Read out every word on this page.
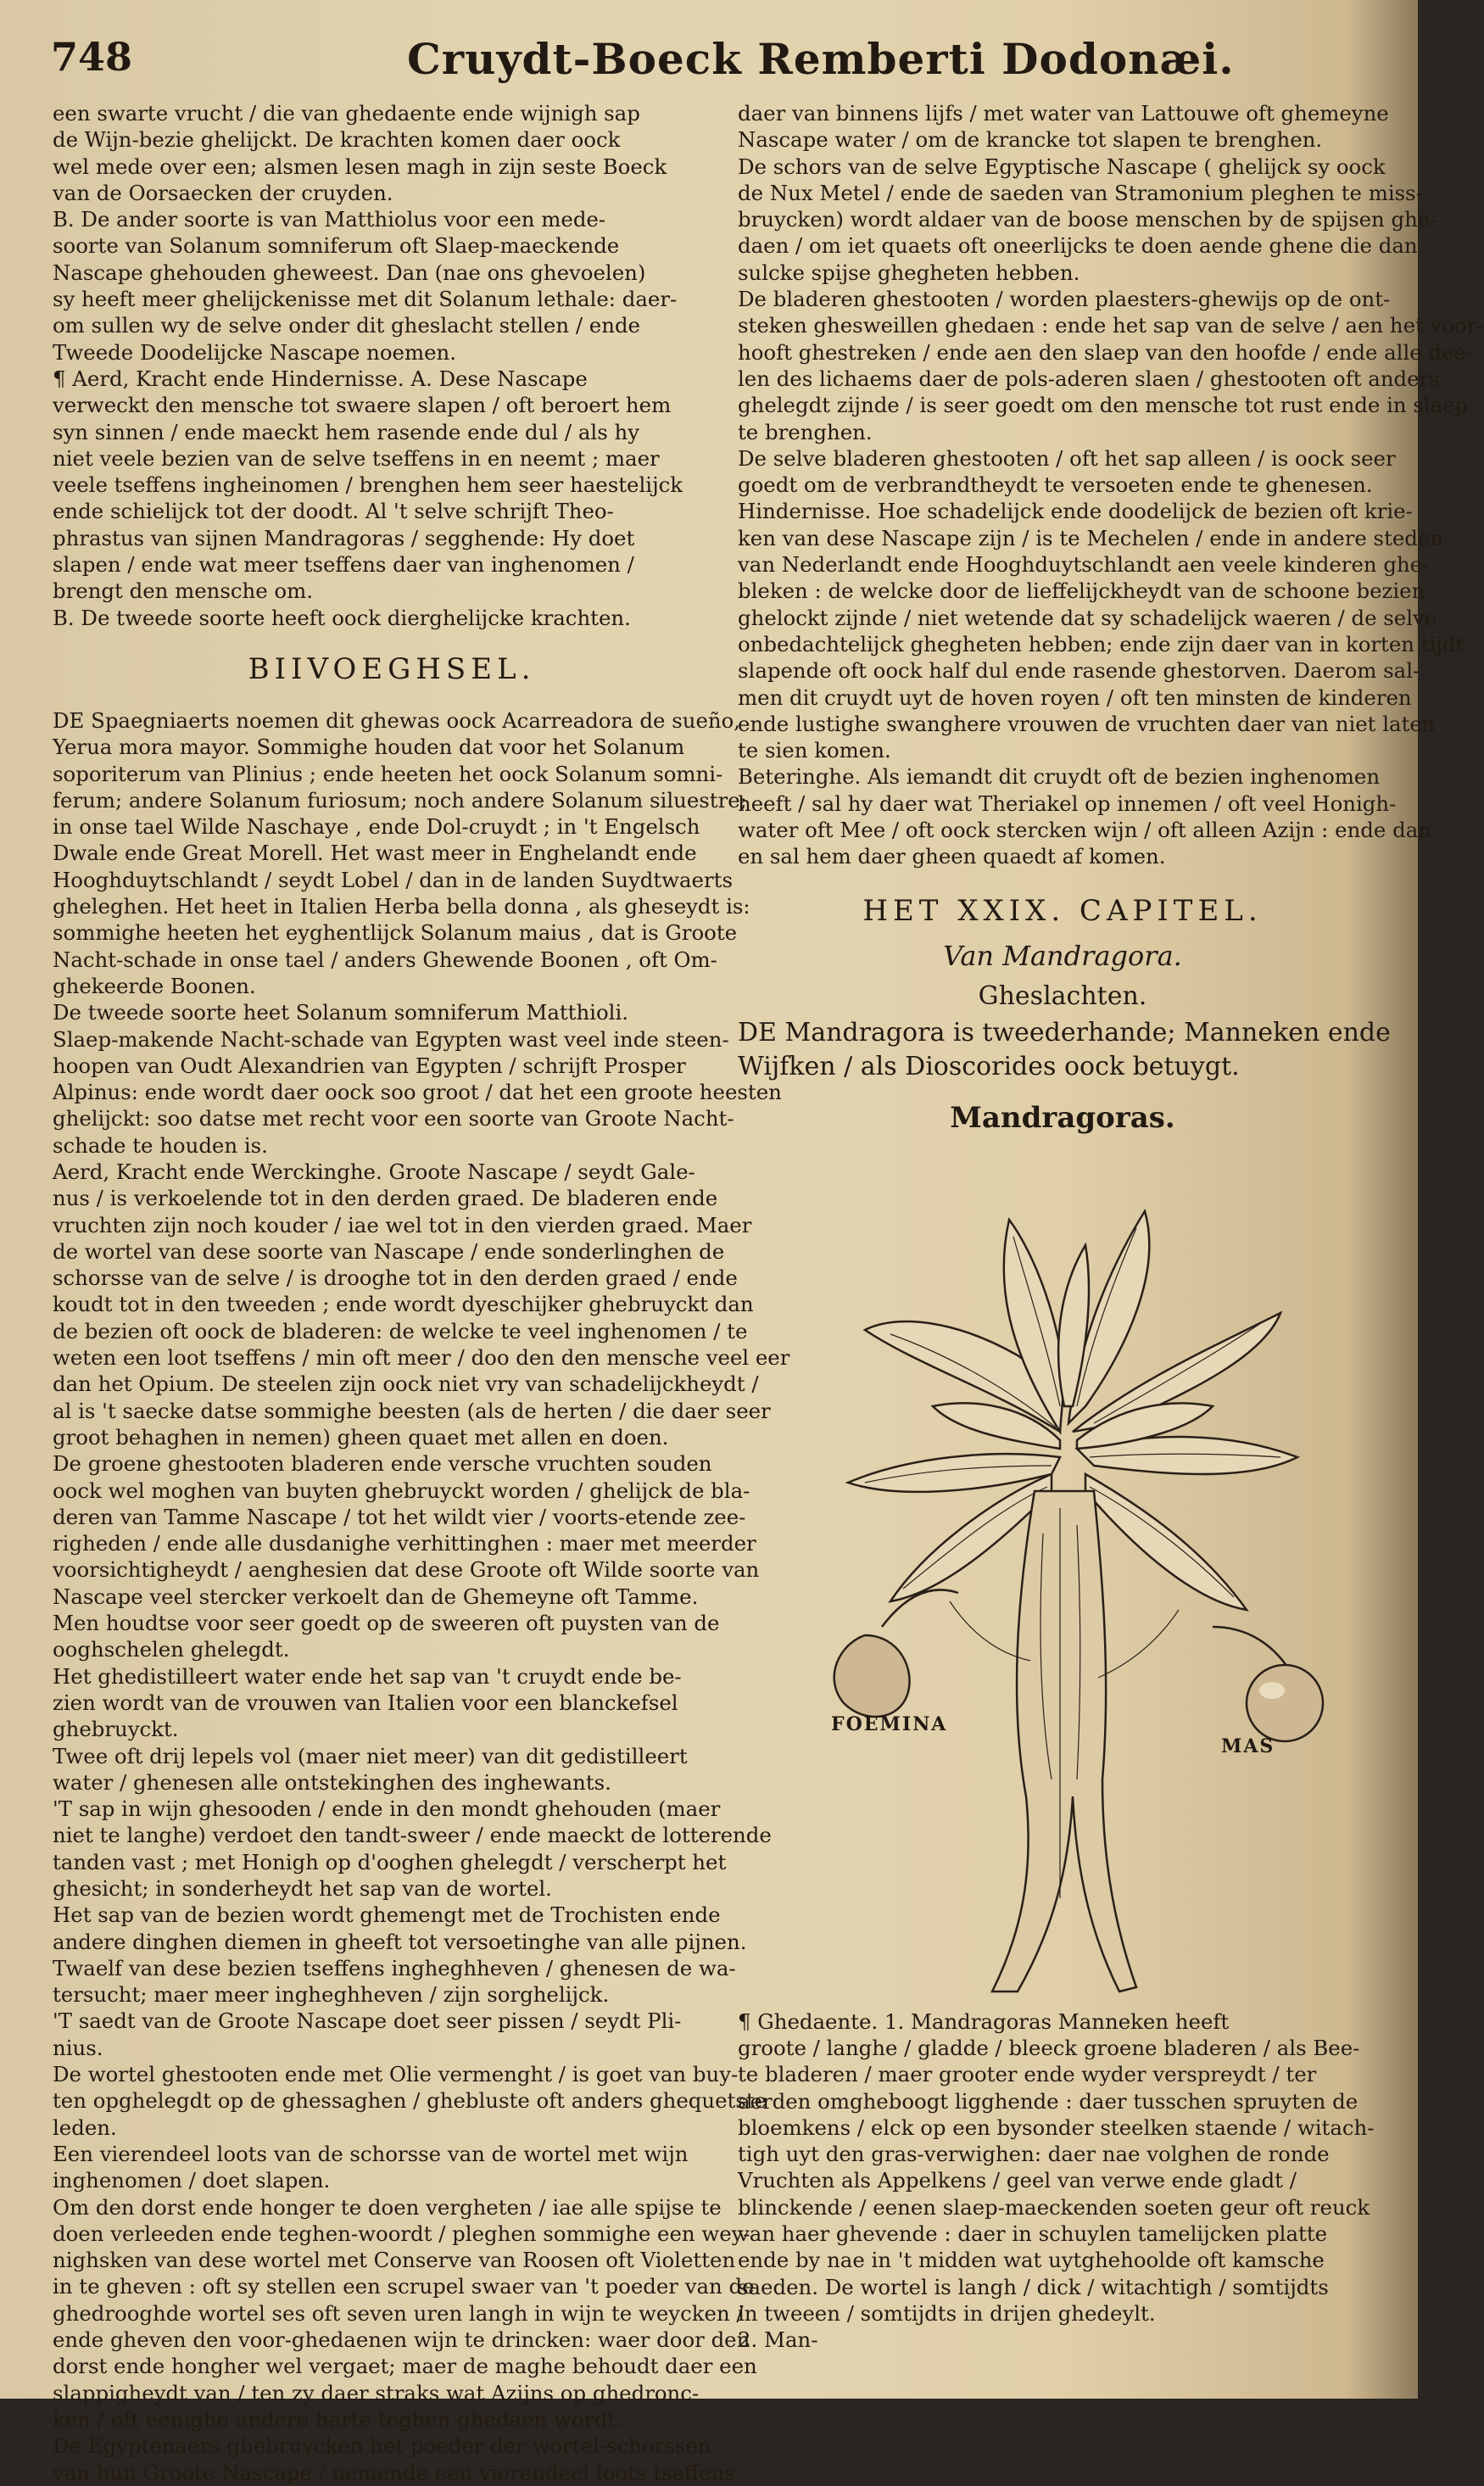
748	Cruydt-Boeck Remberti Dodonæi.
een swarte vrucht / die van ghedaente ende wijnigh sap
de Wijn-bezie ghelijckt. De krachten komen daer oock
wel mede over een; alsmen lesen magh in zijn seste Boeck
van de Oorsaecken der cruyden.
B. De ander soorte is van Matthiolus voor een mede-
soorte van Solanum somniferum oft Slaep-maeckende
Nascape ghehouden gheweest. Dan (nae ons ghevoelen)
sy heeft meer ghelijckenisse met dit Solanum lethale: daer-
om sullen wy de selve onder dit gheslacht stellen / ende
Tweede Doodelijcke Nascape noemen.
¶ Aerd, Kracht ende Hindernisse. A. Dese Nascape
verweckt den mensche tot swaere slapen / oft beroert hem
syn sinnen / ende maeckt hem rasende ende dul / als hy
niet veele bezien van de selve tseffens in en neemt ; maer
veele tseffens ingheinomen / brenghen hem seer haestelijck
ende schielijck tot der doodt. Al 't selve schrijft Theo-
phrastus van sijnen Mandragoras / segghende: Hy doet
slapen / ende wat meer tseffens daer van inghenomen /
brengt den mensche om.
B. De tweede soorte heeft oock dierghelijcke krachten.
BIIVOEGHSEL.
DE Spaegniaerts noemen dit ghewas oock Acarreadora de sueño,
Yerua mora mayor. Sommighe houden dat voor het Solanum
soporiterum van Plinius ; ende heeten het oock Solanum somni-
ferum; andere Solanum furiosum; noch andere Solanum siluestre;
in onse tael Wilde Naschaye , ende Dol-cruydt ; in 't Engelsch
Dwale ende Great Morell. Het wast meer in Enghelandt ende
Hooghduytschlandt / seydt Lobel / dan in de landen Suydtwaerts
gheleghen. Het heet in Italien Herba bella donna , als gheseydt is:
sommighe heeten het eyghentlijck Solanum maius , dat is Groote
Nacht-schade in onse tael / anders Ghewende Boonen , oft Om-
ghekeerde Boonen.
De tweede soorte heet Solanum somniferum Matthioli.
Slaep-makende Nacht-schade van Egypten wast veel inde steen-
hoopen van Oudt Alexandrien van Egypten / schrijft Prosper
Alpinus: ende wordt daer oock soo groot / dat het een groote heesten
ghelijckt: soo datse met recht voor een soorte van Groote Nacht-
schade te houden is.
Aerd, Kracht ende Werckinghe. Groote Nascape / seydt Gale-
nus / is verkoelende tot in den derden graed. De bladeren ende
vruchten zijn noch kouder / iae wel tot in den vierden graed. Maer
de wortel van dese soorte van Nascape / ende sonderlinghen de
schorsse van de selve / is drooghe tot in den derden graed / ende
koudt tot in den tweeden ; ende wordt dyeschijker ghebruyckt dan
de bezien oft oock de bladeren: de welcke te veel inghenomen / te
weten een loot tseffens / min oft meer / doo den den mensche veel eer
dan het Opium. De steelen zijn oock niet vry van schadelijckheydt /
al is 't saecke datse sommighe beesten (als de herten / die daer seer
groot behaghen in nemen) gheen quaet met allen en doen.
De groene ghestooten bladeren ende versche vruchten souden
oock wel moghen van buyten ghebruyckt worden / ghelijck de bla-
deren van Tamme Nascape / tot het wildt vier / voorts-etende zee-
righeden / ende alle dusdanighe verhittinghen : maer met meerder
voorsichtigheydt / aenghesien dat dese Groote oft Wilde soorte van
Nascape veel stercker verkoelt dan de Ghemeyne oft Tamme.
Men houdtse voor seer goedt op de sweeren oft puysten van de
ooghschelen ghelegdt.
Het ghedistilleert water ende het sap van 't cruydt ende be-
zien wordt van de vrouwen van Italien voor een blanckefsel
ghebruyckt.
Twee oft drij lepels vol (maer niet meer) van dit gedistilleert
water / ghenesen alle ontstekinghen des inghewants.
'T sap in wijn ghesooden / ende in den mondt ghehouden (maer
niet te langhe) verdoet den tandt-sweer / ende maeckt de lotterende
tanden vast ; met Honigh op d'ooghen ghelegdt / verscherpt het
ghesicht; in sonderheydt het sap van de wortel.
Het sap van de bezien wordt ghemengt met de Trochisten ende
andere dinghen diemen in gheeft tot versoetinghe van alle pijnen.
Twaelf van dese bezien tseffens ingheghheven / ghenesen de wa-
tersucht; maer meer ingheghheven / zijn sorghelijck.
'T saedt van de Groote Nascape doet seer pissen / seydt Pli-
nius.
De wortel ghestooten ende met Olie vermenght / is goet van buy-
ten opghelegdt op de ghessaghen / ghebluste oft anders ghequetste
leden.
Een vierendeel loots van de schorsse van de wortel met wijn
inghenomen / doet slapen.
Om den dorst ende honger te doen vergheten / iae alle spijse te
doen verleeden ende teghen-woordt / pleghen sommighe een wey-
nighsken van dese wortel met Conserve van Roosen oft Violetten
in te gheven : oft sy stellen een scrupel swaer van 't poeder van de
ghedrooghde wortel ses oft seven uren langh in wijn te weycken /
ende gheven den voor-ghedaenen wijn te drincken: waer door den
dorst ende hongher wel vergaet; maer de maghe behoudt daer een
slappigheydt van / ten zy daer straks wat Azijns op ghedronc-
ken / oft eenighe andere harte teghen ghedaen wordt.
De Egyptenaers ghebruycken het poeder der wortel-schorssen
van hun Groote Nascape / nemende een vierendeel loots tseffens
daer van binnens lijfs / met water van Lattouwe oft ghemeyne
Nascape water / om de krancke tot slapen te brenghen.
De schors van de selve Egyptische Nascape ( ghelijck sy oock
de Nux Metel / ende de saeden van Stramonium pleghen te miss-
bruycken) wordt aldaer van de boose menschen by de spijsen ghe-
daen / om iet quaets oft oneerlijcks te doen aende ghene die dan
sulcke spijse ghegheten hebben.
De bladeren ghestooten / worden plaesters-ghewijs op de ont-
steken ghesweillen ghedaen : ende het sap van de selve / aen het voor-
hooft ghestreken / ende aen den slaep van den hoofde / ende alle dee-
len des lichaems daer de pols-aderen slaen / ghestooten oft anders
ghelegdt zijnde / is seer goedt om den mensche tot rust ende in slaep
te brenghen.
De selve bladeren ghestooten / oft het sap alleen / is oock seer
goedt om de verbrandtheydt te versoeten ende te ghenesen.
Hindernisse. Hoe schadelijck ende doodelijck de bezien oft krie-
ken van dese Nascape zijn / is te Mechelen / ende in andere steden
van Nederlandt ende Hooghduytschlandt aen veele kinderen ghe-
bleken : de welcke door de lieffelijckheydt van de schoone bezien
ghelockt zijnde / niet wetende dat sy schadelijck waeren / de selve
onbedachtelijck ghegheten hebben; ende zijn daer van in korten tijdt
slapende oft oock half dul ende rasende ghestorven. Daerom sal-
men dit cruydt uyt de hoven royen / oft ten minsten de kinderen
ende lustighe swanghere vrouwen de vruchten daer van niet laten
te sien komen.
Beteringhe. Als iemandt dit cruydt oft de bezien inghenomen
heeft / sal hy daer wat Theriakel op innemen / oft veel Honigh-
water oft Mee / oft oock stercken wijn / oft alleen Azijn : ende dan
en sal hem daer gheen quaedt af komen.
HET XXIX. CAPITEL.
Van Mandragora.
Gheslachten.
DE Mandragora is tweederhande; Manneken ende
Wijfken / als Dioscorides oock betuygt.
Mandragoras.
FOEMINA
MAS
¶ Ghedaente. 1. Mandragoras Manneken heeft
groote / langhe / gladde / bleeck groene bladeren / als Bee-
te bladeren / maer grooter ende wyder verspreydt / ter
aerden omgheboogt ligghende : daer tusschen spruyten de
bloemkens / elck op een bysonder steelken staende / witach-
tigh uyt den gras-verwighen: daer nae volghen de ronde
Vruchten als Appelkens / geel van verwe ende gladt /
blinckende / eenen slaep-maeckenden soeten geur oft reuck
van haer ghevende : daer in schuylen tamelijcken platte
ende by nae in 't midden wat uytghehoolde oft kamsche
saeden. De wortel is langh / dick / witachtigh / somtijdts
in tweeen / somtijdts in drijen ghedeylt.
2. Man-
